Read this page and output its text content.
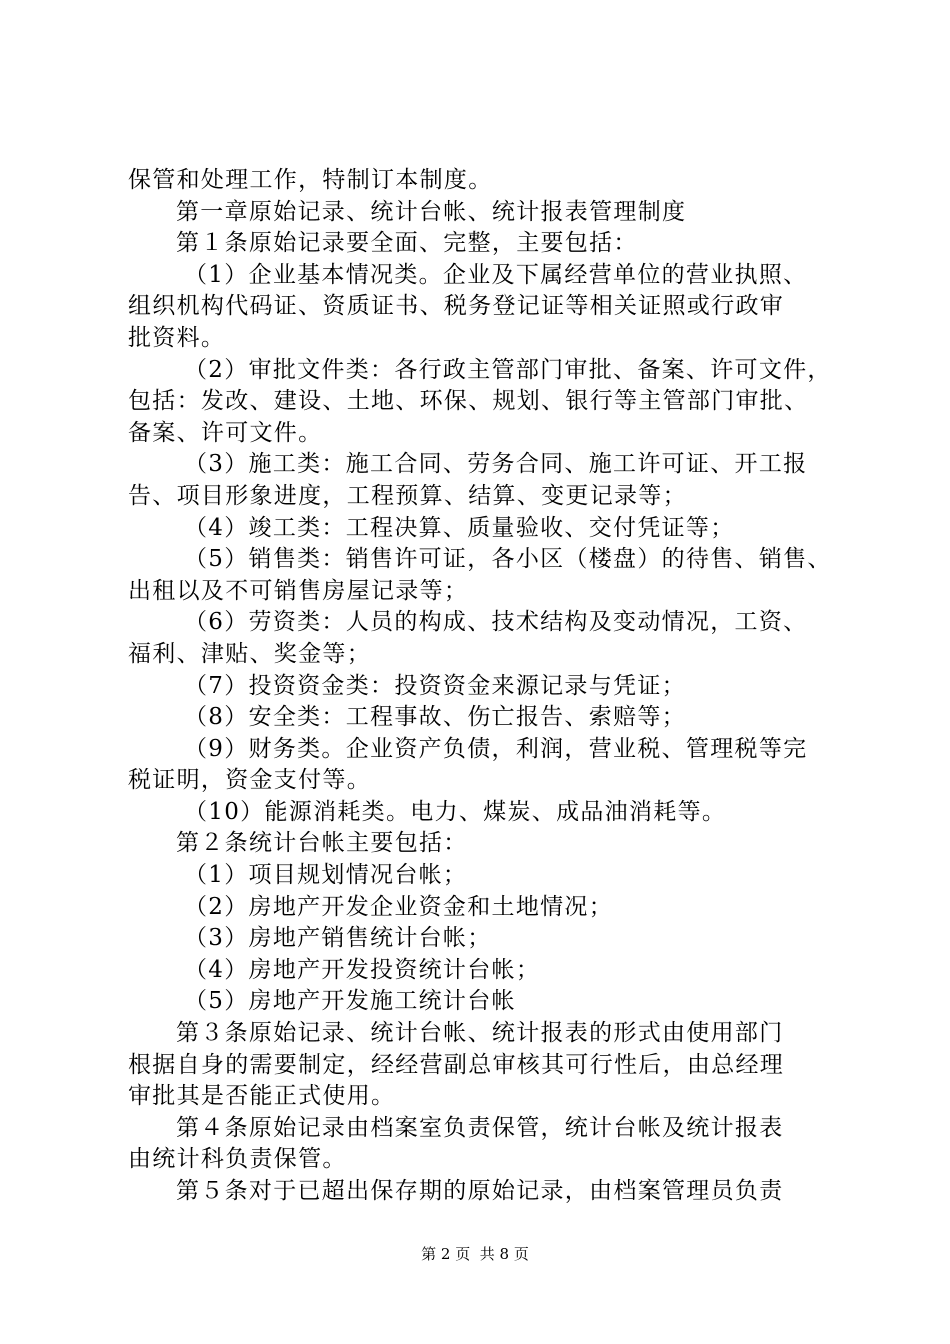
保管和处理工作，特制订本制度。
第一章原始记录、统计台帐、统计报表管理制度
第１条原始记录要全面、完整，主要包括：
（1）企业基本情况类。企业及下属经营单位的营业执照、
组织机构代码证、资质证书、税务登记证等相关证照或行政审
批资料。
（2）审批文件类：各行政主管部门审批、备案、许可文件，
包括：发改、建设、土地、环保、规划、银行等主管部门审批、
备案、许可文件。
（3）施工类：施工合同、劳务合同、施工许可证、开工报
告、项目形象进度，工程预算、结算、变更记录等；
（4）竣工类：工程决算、质量验收、交付凭证等；
（5）销售类：销售许可证，各小区（楼盘）的待售、销售、
出租以及不可销售房屋记录等；
（6）劳资类：人员的构成、技术结构及变动情况，工资、
福利、津贴、奖金等；
（7）投资资金类：投资资金来源记录与凭证；
（8）安全类：工程事故、伤亡报告、索赔等；
（9）财务类。企业资产负债，利润，营业税、管理税等完
税证明，资金支付等。
（10）能源消耗类。电力、煤炭、成品油消耗等。
第２条统计台帐主要包括：
（1）项目规划情况台帐；
（2）房地产开发企业资金和土地情况；
（3）房地产销售统计台帐；
（4）房地产开发投资统计台帐；
（5）房地产开发施工统计台帐
第３条原始记录、统计台帐、统计报表的形式由使用部门
根据自身的需要制定，经经营副总审核其可行性后，由总经理
审批其是否能正式使用。
第４条原始记录由档案室负责保管，统计台帐及统计报表
由统计科负责保管。
第５条对于已超出保存期的原始记录，由档案管理员负责
第 2 页  共 8 页
